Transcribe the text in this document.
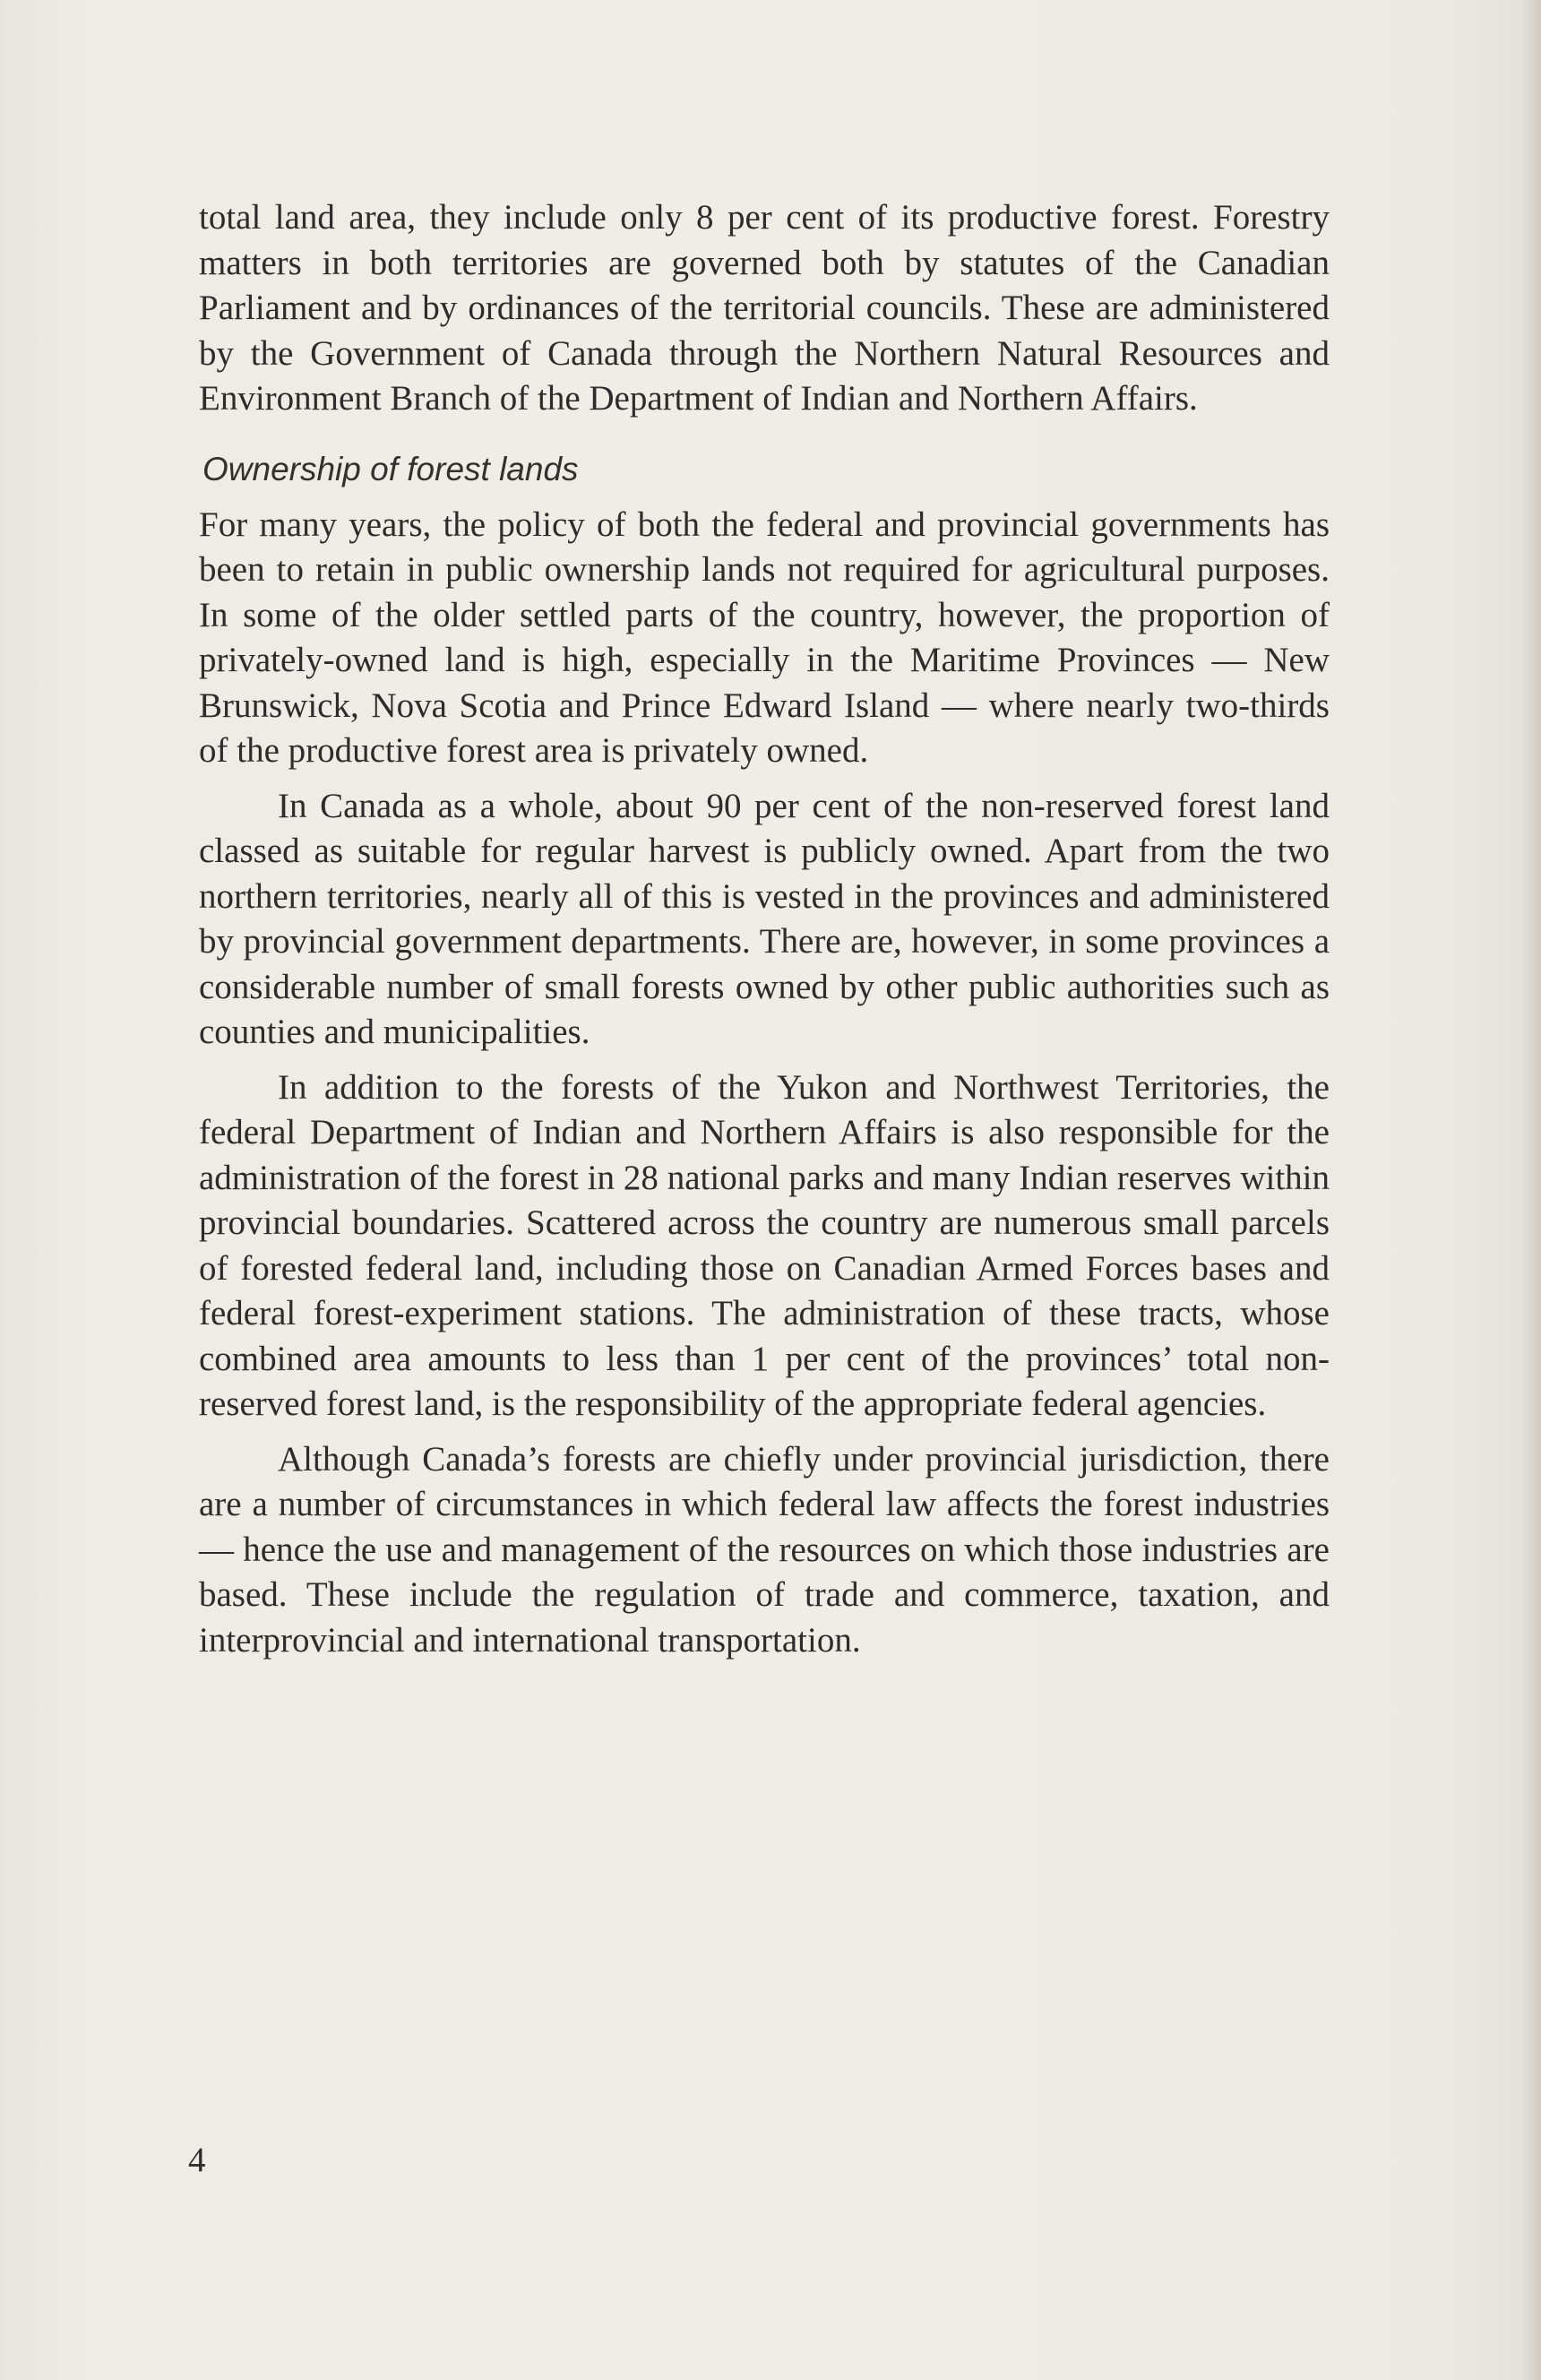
total land area, they include only 8 per cent of its productive forest. Forestry matters in both territories are governed both by statutes of the Canadian Parliament and by ordinances of the territorial councils. These are administered by the Government of Canada through the Northern Natural Resources and Environment Branch of the Department of Indian and Northern Affairs.

Ownership of forest lands

For many years, the policy of both the federal and provincial governments has been to retain in public ownership lands not required for agricultural purposes. In some of the older settled parts of the country, however, the proportion of privately-owned land is high, especially in the Maritime Provinces — New Brunswick, Nova Scotia and Prince Edward Island — where nearly two-thirds of the productive forest area is privately owned.

In Canada as a whole, about 90 per cent of the non-reserved forest land classed as suitable for regular harvest is publicly owned. Apart from the two northern territories, nearly all of this is vested in the provinces and administered by provincial government departments. There are, however, in some provinces a considerable number of small forests owned by other public authorities such as counties and municipalities.

In addition to the forests of the Yukon and Northwest Territories, the federal Department of Indian and Northern Affairs is also responsible for the administration of the forest in 28 national parks and many Indian reserves within provincial boundaries. Scattered across the country are numerous small parcels of forested federal land, including those on Canadian Armed Forces bases and federal forest-experiment stations. The administration of these tracts, whose combined area amounts to less than 1 per cent of the provinces’ total non-reserved forest land, is the responsibility of the appropriate federal agencies.

Although Canada’s forests are chiefly under provincial jurisdiction, there are a number of circumstances in which federal law affects the forest industries — hence the use and management of the resources on which those industries are based. These include the regulation of trade and commerce, taxation, and interprovincial and international transportation.

4
